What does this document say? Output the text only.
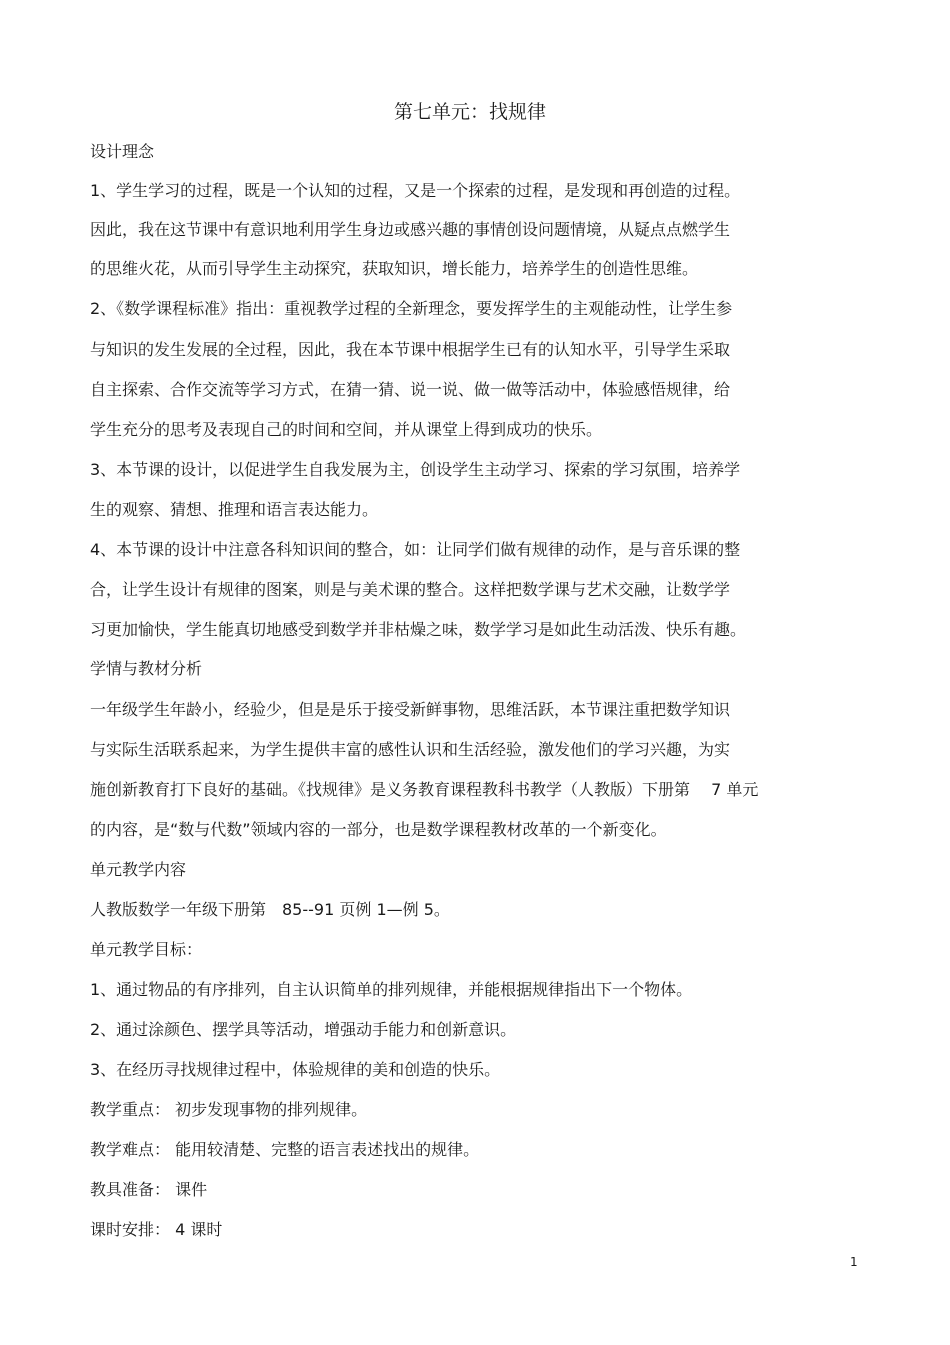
第七单元：找规律
设计理念
1、学生学习的过程，既是一个认知的过程，又是一个探索的过程，是发现和再创造的过程。
因此，我在这节课中有意识地利用学生身边或感兴趣的事情创设问题情境，从疑点点燃学生
的思维火花，从而引导学生主动探究，获取知识，增长能力，培养学生的创造性思维。
2、《数学课程标准》指出：重视教学过程的全新理念，要发挥学生的主观能动性，让学生参
与知识的发生发展的全过程，因此，我在本节课中根据学生已有的认知水平，引导学生采取
自主探索、合作交流等学习方式，在猜一猜、说一说、做一做等活动中，体验感悟规律，给
学生充分的思考及表现自己的时间和空间，并从课堂上得到成功的快乐。
3、本节课的设计，以促进学生自我发展为主，创设学生主动学习、探索的学习氛围，培养学
生的观察、猜想、推理和语言表达能力。
4、本节课的设计中注意各科知识间的整合，如：让同学们做有规律的动作，是与音乐课的整
合，让学生设计有规律的图案，则是与美术课的整合。这样把数学课与艺术交融，让数学学
习更加愉快，学生能真切地感受到数学并非枯燥之味，数学学习是如此生动活泼、快乐有趣。
学情与教材分析
一年级学生年龄小，经验少，但是是乐于接受新鲜事物，思维活跃，本节课注重把数学知识
与实际生活联系起来，为学生提供丰富的感性认识和生活经验，激发他们的学习兴趣，为实
施创新教育打下良好的基础。《找规律》是义务教育课程教科书教学（人教版）下册第　 7 单元
的内容，是“数与代数”领域内容的一部分，也是数学课程教材改革的一个新变化。
单元教学内容
人教版数学一年级下册第　85--91 页例 1—例 5。
单元教学目标：
1、通过物品的有序排列，自主认识简单的排列规律，并能根据规律指出下一个物体。
2、通过涂颜色、摆学具等活动，增强动手能力和创新意识。
3、在经历寻找规律过程中，体验规律的美和创造的快乐。
教学重点： 初步发现事物的排列规律。
教学难点： 能用较清楚、完整的语言表述找出的规律。
教具准备： 课件
课时安排： 4 课时
1
